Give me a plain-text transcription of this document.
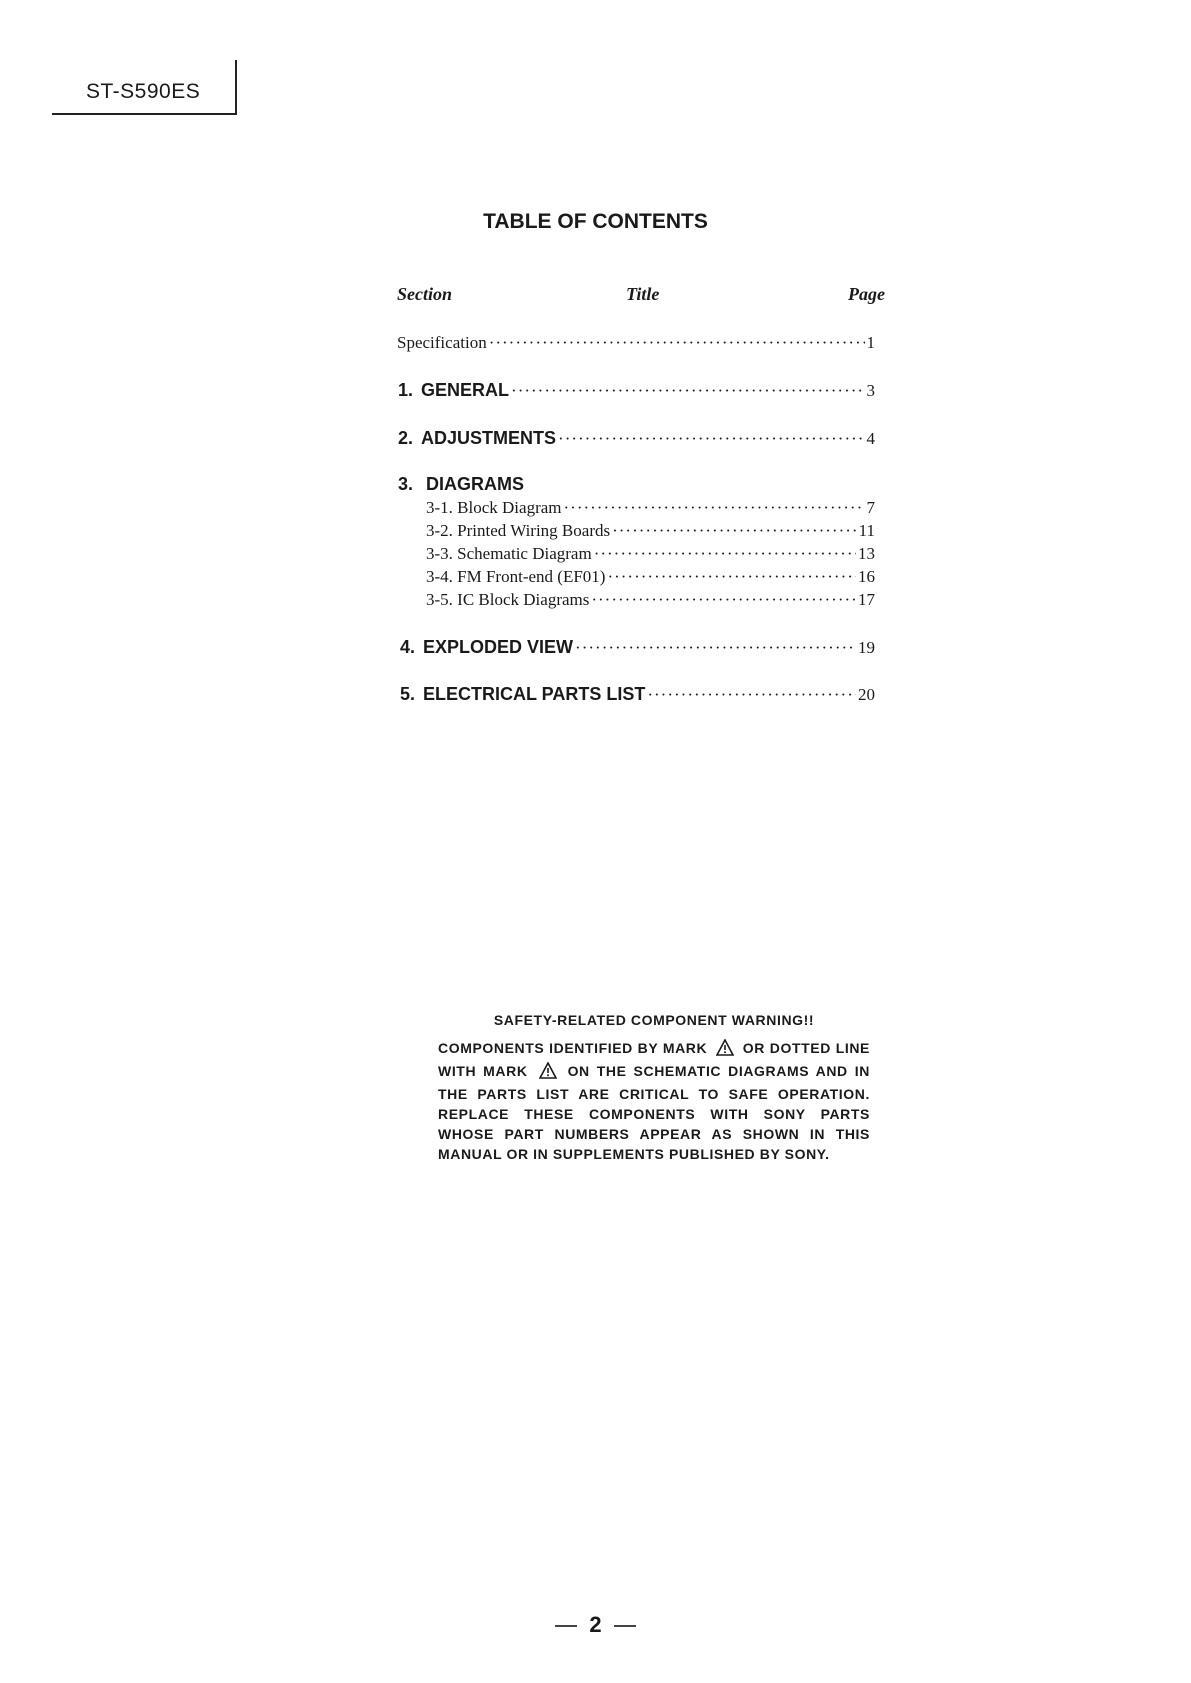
ST-S590ES
TABLE OF CONTENTS
Section	Title	Page
Specification ·····	1
1. GENERAL ·····	3
2. ADJUSTMENTS ·····	4
3. DIAGRAMS
3-1. Block Diagram ·····	7
3-2. Printed Wiring Boards ·····	11
3-3. Schematic Diagram ·····	13
3-4. FM Front-end (EF01) ·····	16
3-5. IC Block Diagrams ·····	17
4. EXPLODED VIEW ·····	19
5. ELECTRICAL PARTS LIST ·····	20
SAFETY-RELATED COMPONENT WARNING!!
COMPONENTS IDENTIFIED BY MARK	OR DOTTED LINE WITH MARK	ON THE SCHEMATIC DIAGRAMS AND IN THE PARTS LIST ARE CRITICAL TO SAFE OPERATION. REPLACE THESE COMPONENTS WITH SONY PARTS WHOSE PART NUMBERS APPEAR AS SHOWN IN THIS MANUAL OR IN SUPPLEMENTS PUBLISHED BY SONY.
2
